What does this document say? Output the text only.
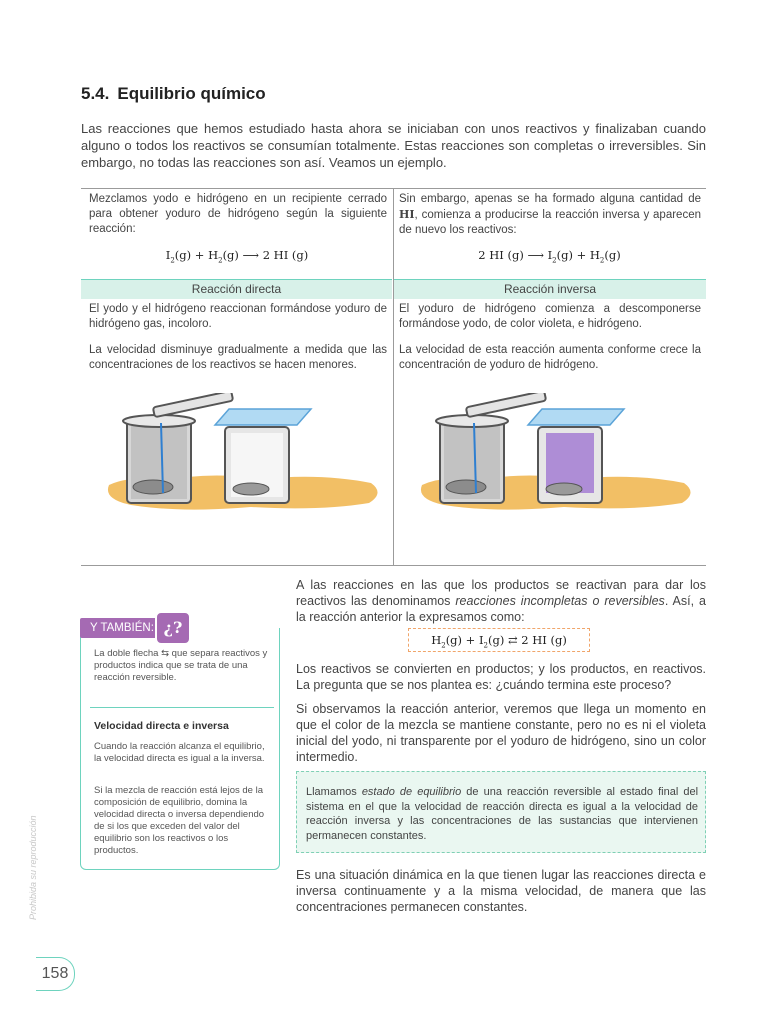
5.4. Equilibrio químico
Las reacciones que hemos estudiado hasta ahora se iniciaban con unos reactivos y finalizaban cuando alguno o todos los reactivos se consumían totalmente. Estas reacciones son completas o irreversibles. Sin embargo, no todas las reacciones son así. Veamos un ejemplo.
Mezclamos yodo e hidrógeno en un recipiente cerrado para obtener yoduro de hidrógeno según la siguiente reacción:
Sin embargo, apenas se ha formado alguna cantidad de HI, comienza a producirse la reacción inversa y aparecen de nuevo los reactivos:
$I_2(g) + H_2(g)$ ⟶ 2 HI (g)	2 HI (g) ⟶ $I_2(g) + H_2(g)$
Reacción directa	Reacción inversa
El yodo y el hidrógeno reaccionan formándose yoduro de hidrógeno gas, incoloro.
La velocidad disminuye gradualmente a medida que las concentraciones de los reactivos se hacen menores.
El yoduro de hidrógeno comienza a descomponerse formándose yodo, de color violeta, e hidrógeno.
La velocidad de esta reacción aumenta conforme crece la concentración de yoduro de hidrógeno.
Y TAMBIÉN: ¿?
La doble flecha ⇆ que separa reactivos y productos indica que se trata de una reacción reversible.
Velocidad directa e inversa
Cuando la reacción alcanza el equilibrio, la velocidad directa es igual a la inversa.
Si la mezcla de reacción está lejos de la composición de equilibrio, domina la velocidad directa o inversa dependiendo de si los que exceden del valor del equilibrio son los reactivos o los productos.
A las reacciones en las que los productos se reactivan para dar los reactivos las denominamos reacciones incompletas o reversibles. Así, a la reacción anterior la expresamos como:
$H_2(g) + I_2(g)$ ⇄ 2 HI (g)
Los reactivos se convierten en productos; y los productos, en reactivos. La pregunta que se nos plantea es: ¿cuándo termina este proceso?
Si observamos la reacción anterior, veremos que llega un momento en que el color de la mezcla se mantiene constante, pero no es ni el violeta inicial del yodo, ni transparente por el yoduro de hidrógeno, sino un color intermedio.
Llamamos estado de equilibrio de una reacción reversible al estado final del sistema en el que la velocidad de reacción directa es igual a la velocidad de reacción inversa y las concentraciones de las sustancias que intervienen permanecen constantes.
Es una situación dinámica en la que tienen lugar las reacciones directa e inversa continuamente y a la misma velocidad, de manera que las concentraciones permanecen constantes.
Prohibida su reproducción
158
